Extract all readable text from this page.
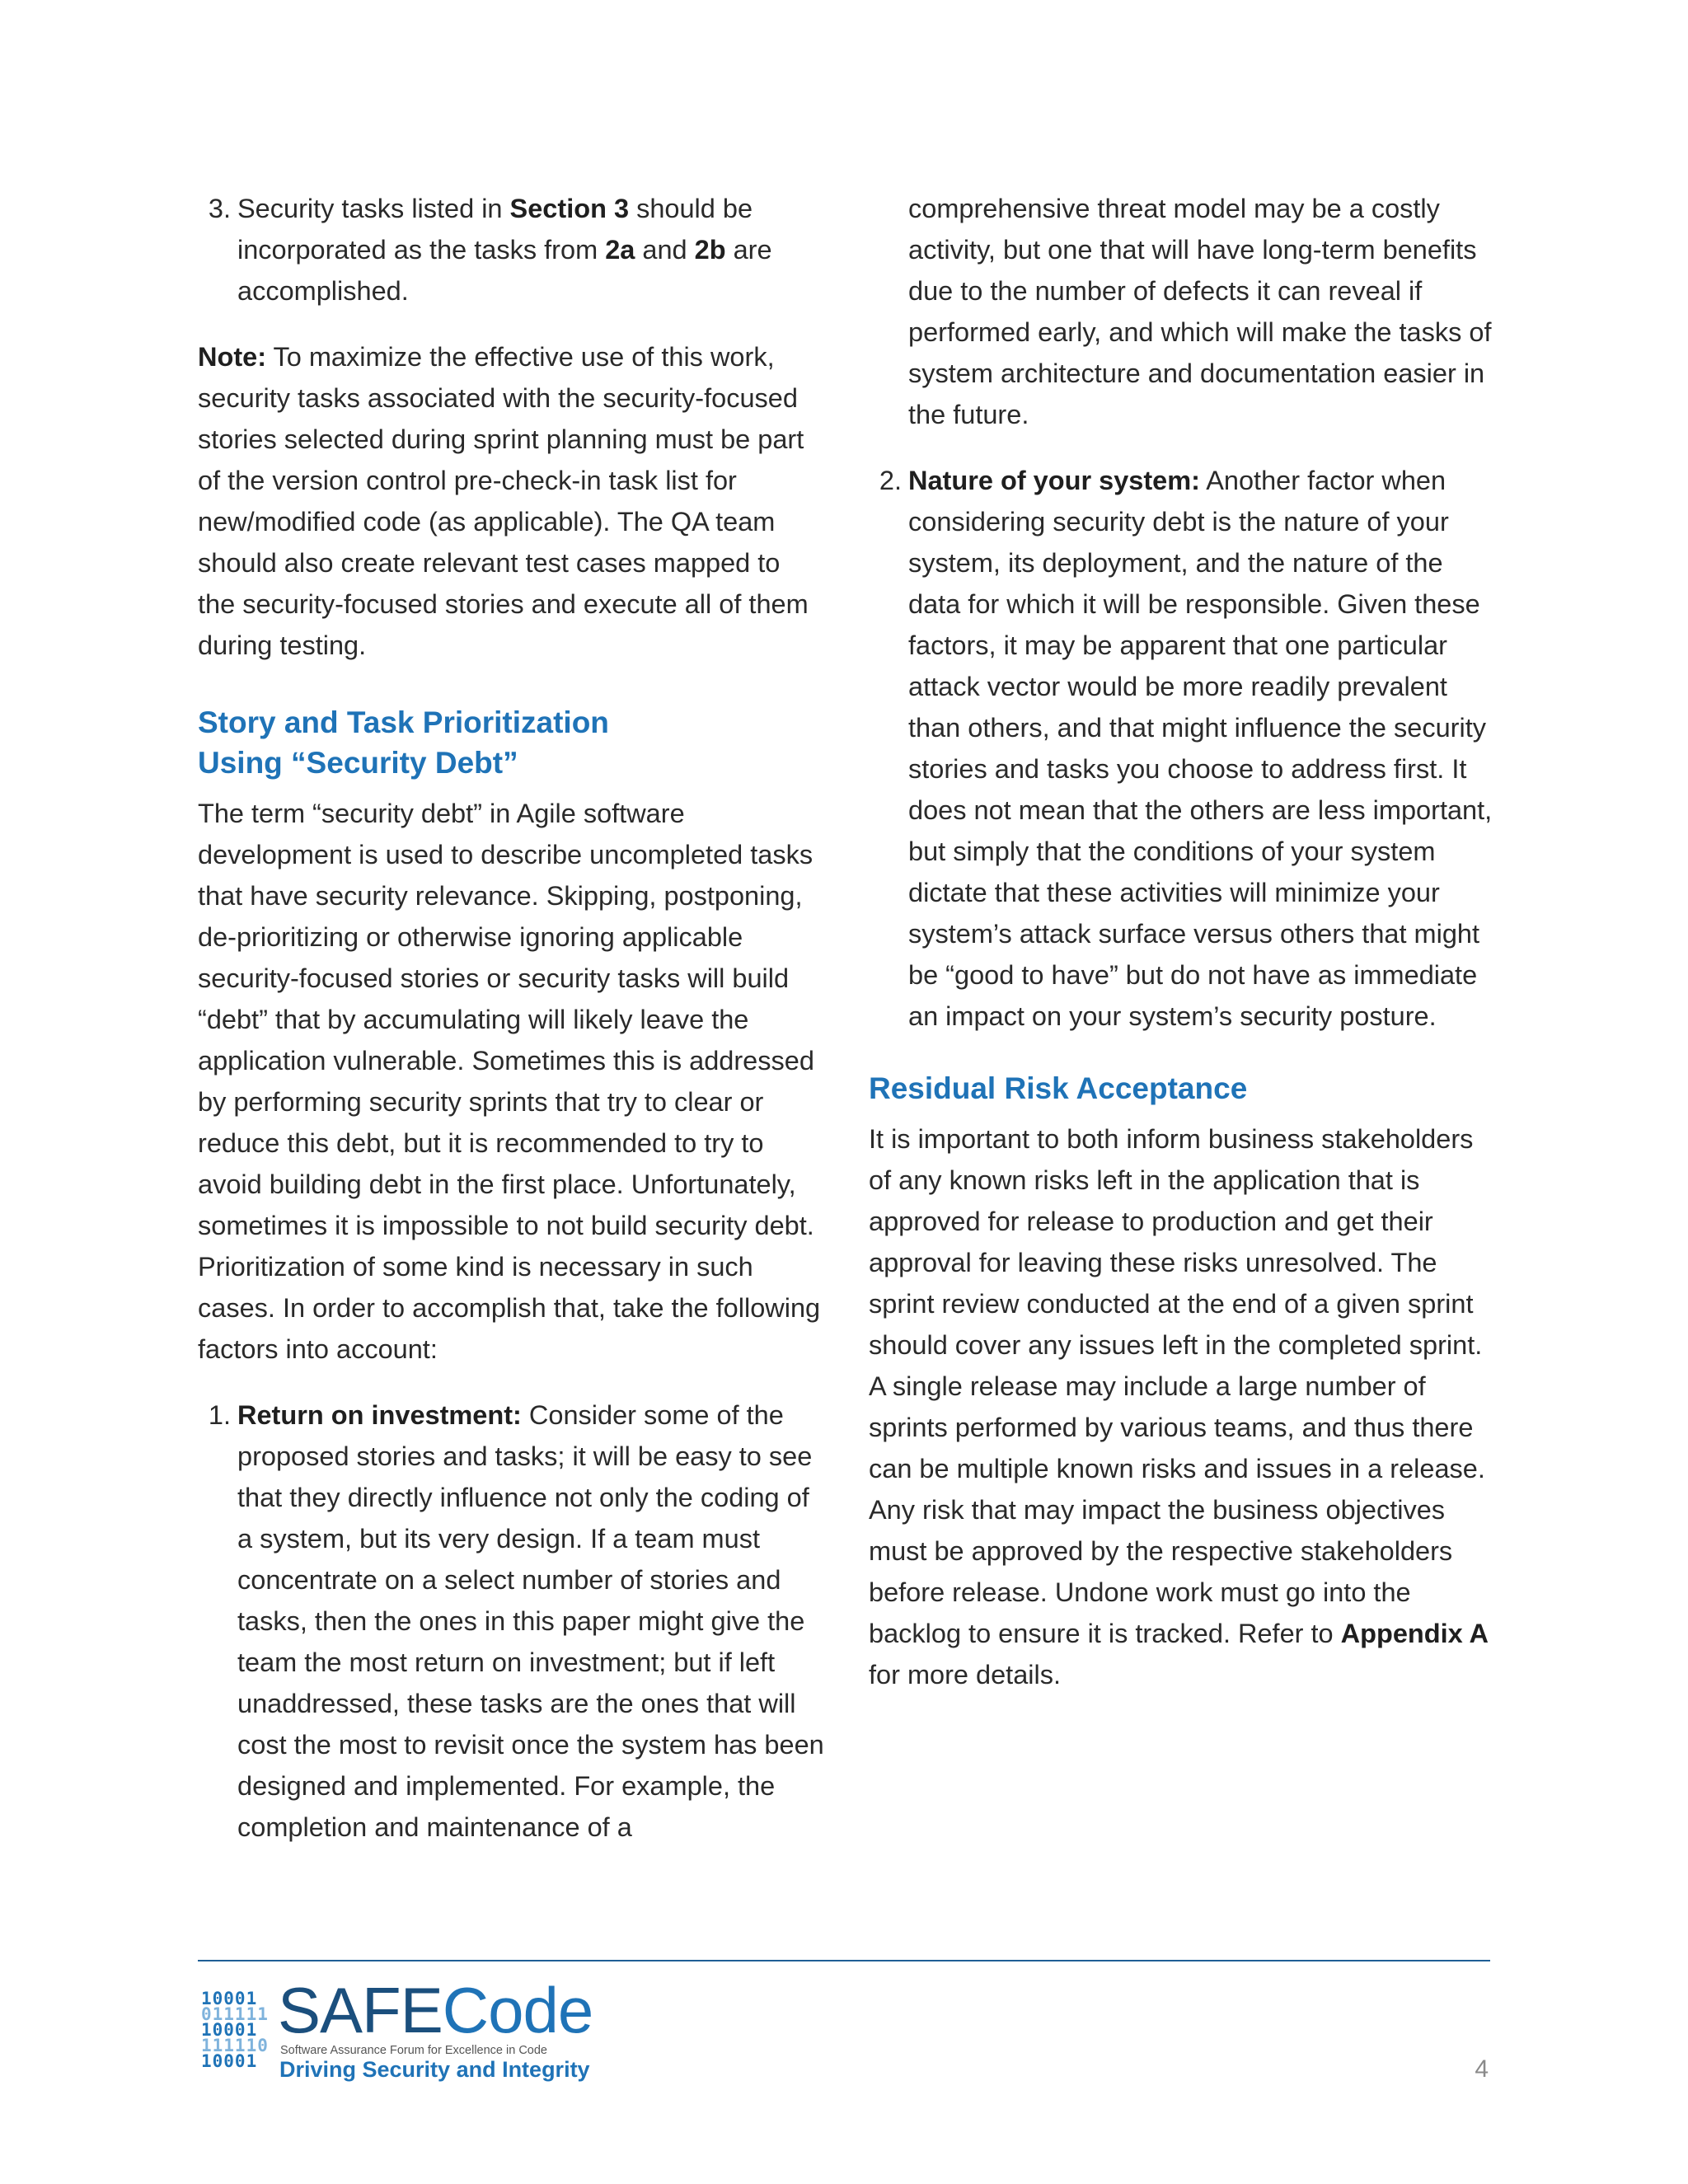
3. Security tasks listed in Section 3 should be incorporated as the tasks from 2a and 2b are accomplished.

Note: To maximize the effective use of this work, security tasks associated with the security-focused stories selected during sprint planning must be part of the version control pre-check-in task list for new/modified code (as applicable). The QA team should also create relevant test cases mapped to the security-focused stories and execute all of them during testing.

Story and Task Prioritization
Using “Security Debt”

The term “security debt” in Agile software development is used to describe uncompleted tasks that have security relevance. Skipping, postponing, de-prioritizing or otherwise ignoring applicable security-focused stories or security tasks will build “debt” that by accumulating will likely leave the application vulnerable. Sometimes this is addressed by performing security sprints that try to clear or reduce this debt, but it is recommended to try to avoid building debt in the first place. Unfortunately, sometimes it is impossible to not build security debt. Prioritization of some kind is necessary in such cases. In order to accomplish that, take the following factors into account:

1. Return on investment: Consider some of the proposed stories and tasks; it will be easy to see that they directly influence not only the coding of a system, but its very design. If a team must concentrate on a select number of stories and tasks, then the ones in this paper might give the team the most return on investment; but if left unaddressed, these tasks are the ones that will cost the most to revisit once the system has been designed and implemented. For example, the completion and maintenance of a
comprehensive threat model may be a costly activity, but one that will have long-term benefits due to the number of defects it can reveal if performed early, and which will make the tasks of system architecture and documentation easier in the future.
2. Nature of your system: Another factor when considering security debt is the nature of your system, its deployment, and the nature of the data for which it will be responsible. Given these factors, it may be apparent that one particular attack vector would be more readily prevalent than others, and that might influence the security stories and tasks you choose to address first. It does not mean that the others are less important, but simply that the conditions of your system dictate that these activities will minimize your system’s attack surface versus others that might be “good to have” but do not have as immediate an impact on your system’s security posture.
Residual Risk Acceptance

It is important to both inform business stakeholders of any known risks left in the application that is approved for release to production and get their approval for leaving these risks unresolved. The sprint review conducted at the end of a given sprint should cover any issues left in the completed sprint. A single release may include a large number of sprints performed by various teams, and thus there can be multiple known risks and issues in a release. Any risk that may impact the business objectives must be approved by the respective stakeholders before release. Undone work must go into the backlog to ensure it is tracked. Refer to Appendix A for more details.

10001
011111
10001
111110
10001
SAFECode
Software Assurance Forum for Excellence in Code
Driving Security and Integrity	4
